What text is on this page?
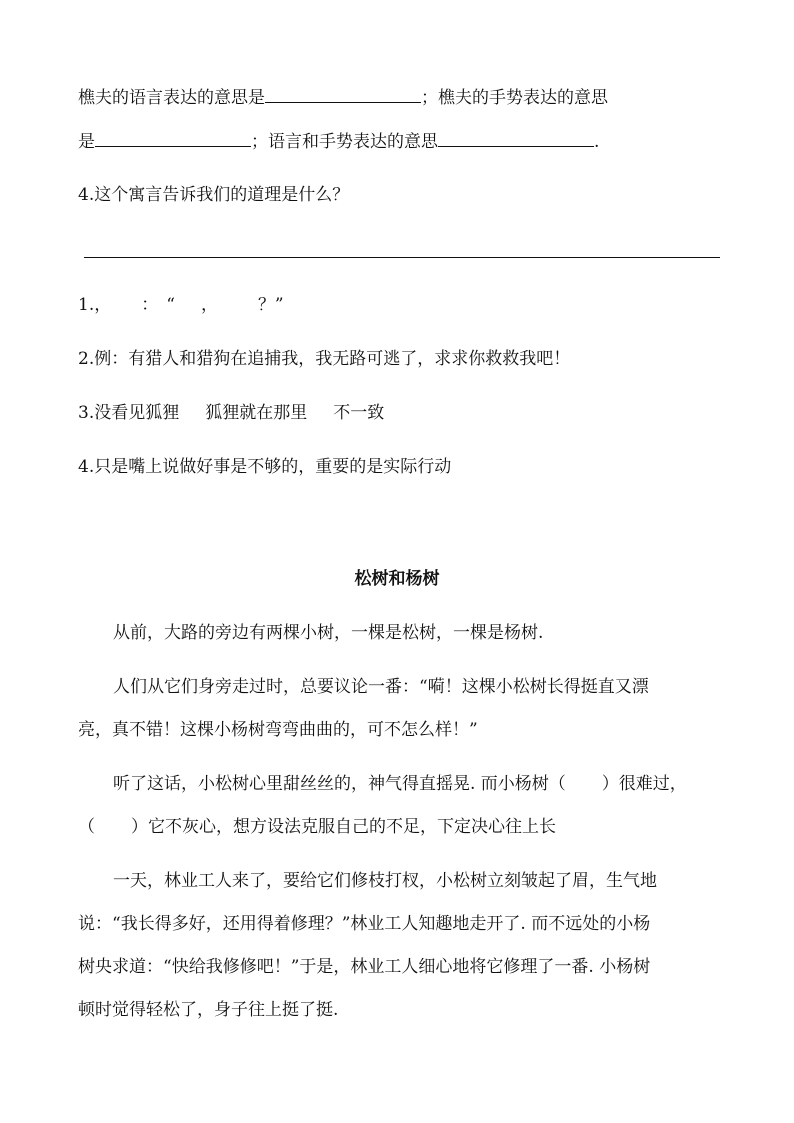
樵夫的语言表达的意思是	；樵夫的手势表达的意思
是	；语言和手势表达的意思	.
4.这个寓言告诉我们的道理是什么？
1.， ： “ ， ？”
2.例：有猎人和猎狗在追捕我，我无路可逃了，求求你救救我吧！
3.没看见狐狸 狐狸就在那里 不一致
4.只是嘴上说做好事是不够的，重要的是实际行动
松树和杨树
从前，大路的旁边有两棵小树，一棵是松树，一棵是杨树.
人们从它们身旁走过时，总要议论一番：“嗬！这棵小松树长得挺直又漂
亮，真不错！这棵小杨树弯弯曲曲的，可不怎么样！”
听了这话，小松树心里甜丝丝的，神气得直摇晃. 而小杨树（ ）很难过，
（ ）它不灰心，想方设法克服自己的不足，下定决心往上长
一天，林业工人来了，要给它们修枝打杈，小松树立刻皱起了眉，生气地
说：“我长得多好，还用得着修理？”林业工人知趣地走开了. 而不远处的小杨
树央求道：“快给我修修吧！”于是，林业工人细心地将它修理了一番. 小杨树
顿时觉得轻松了，身子往上挺了挺.
